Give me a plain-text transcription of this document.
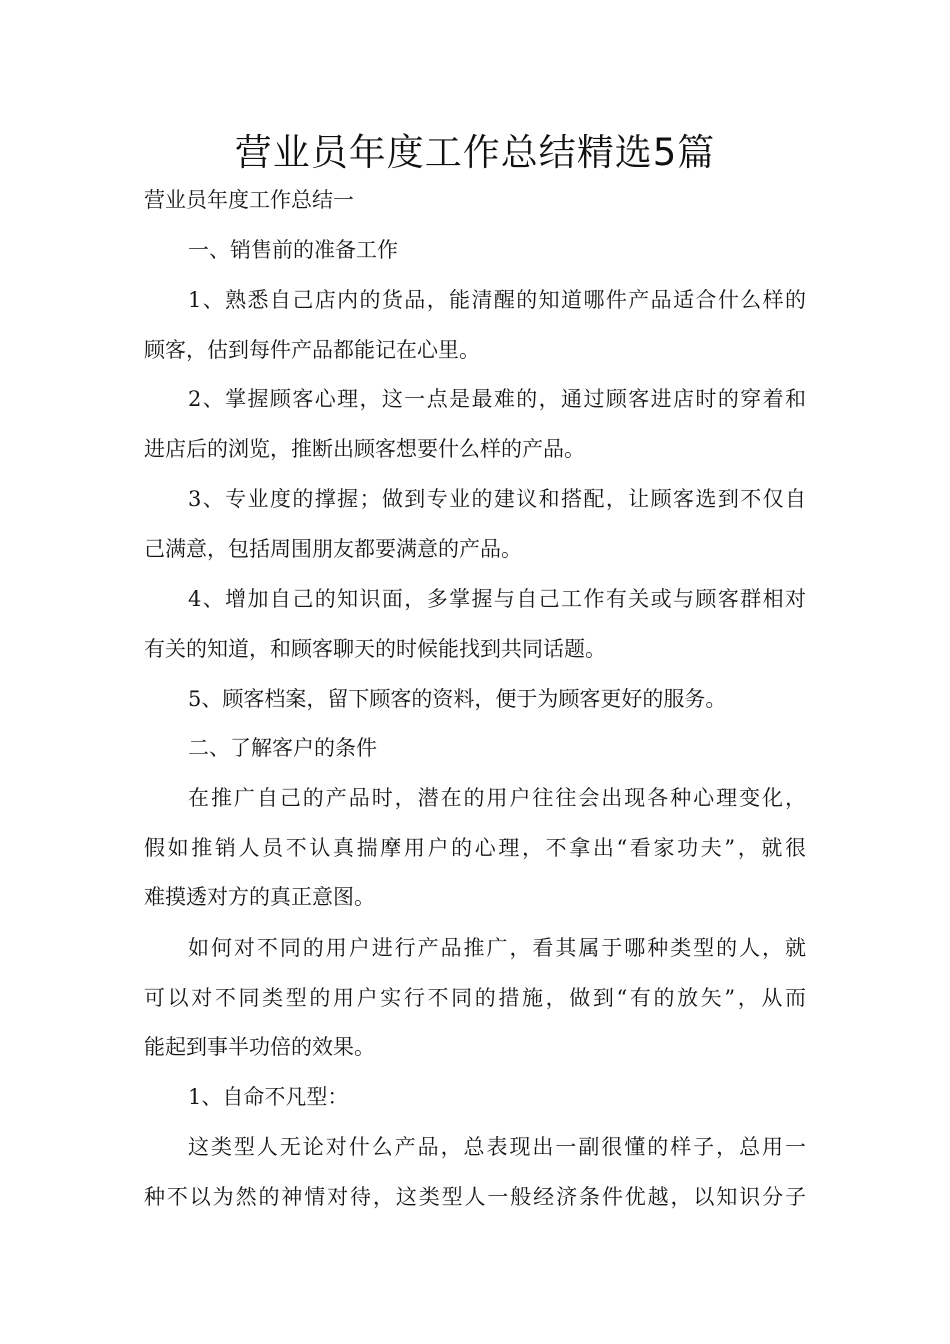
营业员年度工作总结精选5篇

营业员年度工作总结一

一、销售前的准备工作

1、熟悉自己店内的货品，能清醒的知道哪件产品适合什么样的

顾客，估到每件产品都能记在心里。

2、掌握顾客心理，这一点是最难的，通过顾客进店时的穿着和

进店后的浏览，推断出顾客想要什么样的产品。

3、专业度的撑握；做到专业的建议和搭配，让顾客选到不仅自

己满意，包括周围朋友都要满意的产品。

4、增加自己的知识面，多掌握与自己工作有关或与顾客群相对

有关的知道，和顾客聊天的时候能找到共同话题。

5、顾客档案，留下顾客的资料，便于为顾客更好的服务。

二、了解客户的条件

在推广自己的产品时，潜在的用户往往会出现各种心理变化，

假如推销人员不认真揣摩用户的心理，不拿出“看家功夫”，就很

难摸透对方的真正意图。

如何对不同的用户进行产品推广，看其属于哪种类型的人，就

可以对不同类型的用户实行不同的措施，做到“有的放矢”，从而

能起到事半功倍的效果。

1、自命不凡型：

这类型人无论对什么产品，总表现出一副很懂的样子，总用一

种不以为然的神情对待，这类型人一般经济条件优越，以知识分子
